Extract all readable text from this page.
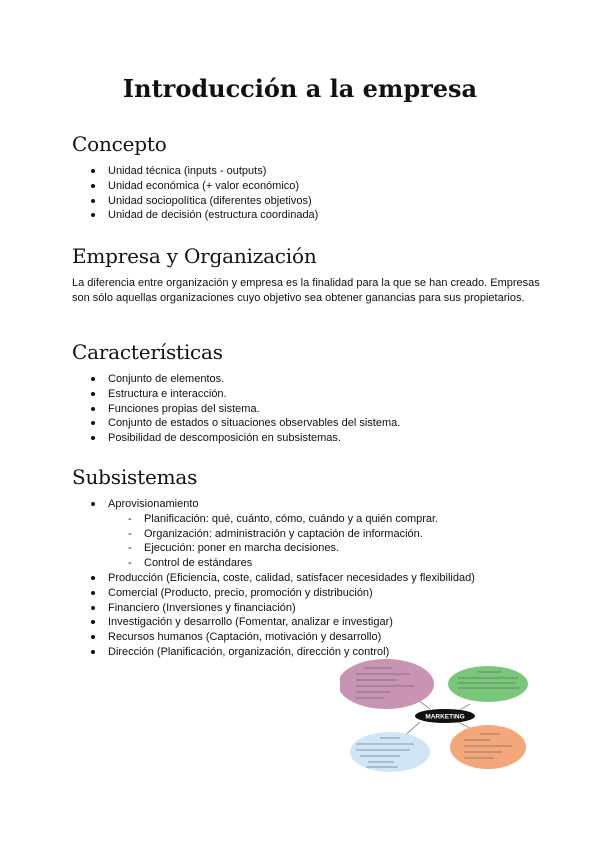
Introducción a la empresa
Concepto
Unidad técnica (inputs - outputs)
Unidad económica (+ valor económico)
Unidad sociopolítica (diferentes objetivos)
Unidad de decisión (estructura coordinada)
Empresa y Organización

La diferencia entre organización y empresa es la finalidad para la que se han creado. Empresas son sólo aquellas organizaciones cuyo objetivo sea obtener ganancias para sus propietarios.

Características
Conjunto de elementos.
Estructura e interacción.
Funciones propias del sistema.
Conjunto de estados o situaciones observables del sistema.
Posibilidad de descomposición en subsistemas.
Subsistemas
Aprovisionamiento
- Planificación: qué, cuánto, cómo, cuándo y a quién comprar.
- Organización: administración y captación de información.
- Ejecución: poner en marcha decisiones.
- Control de estándares
Producción (Eficiencia, coste, calidad, satisfacer necesidades y flexibilidad)
Comercial (Producto, precio, promoción y distribución)
Financiero (Inversiones y financiación)
Investigación y desarrollo (Fomentar, analizar e investigar)
Recursos humanos (Captación, motivación y desarrollo)
Dirección (Planificación, organización, dirección y control)
MARKETING
